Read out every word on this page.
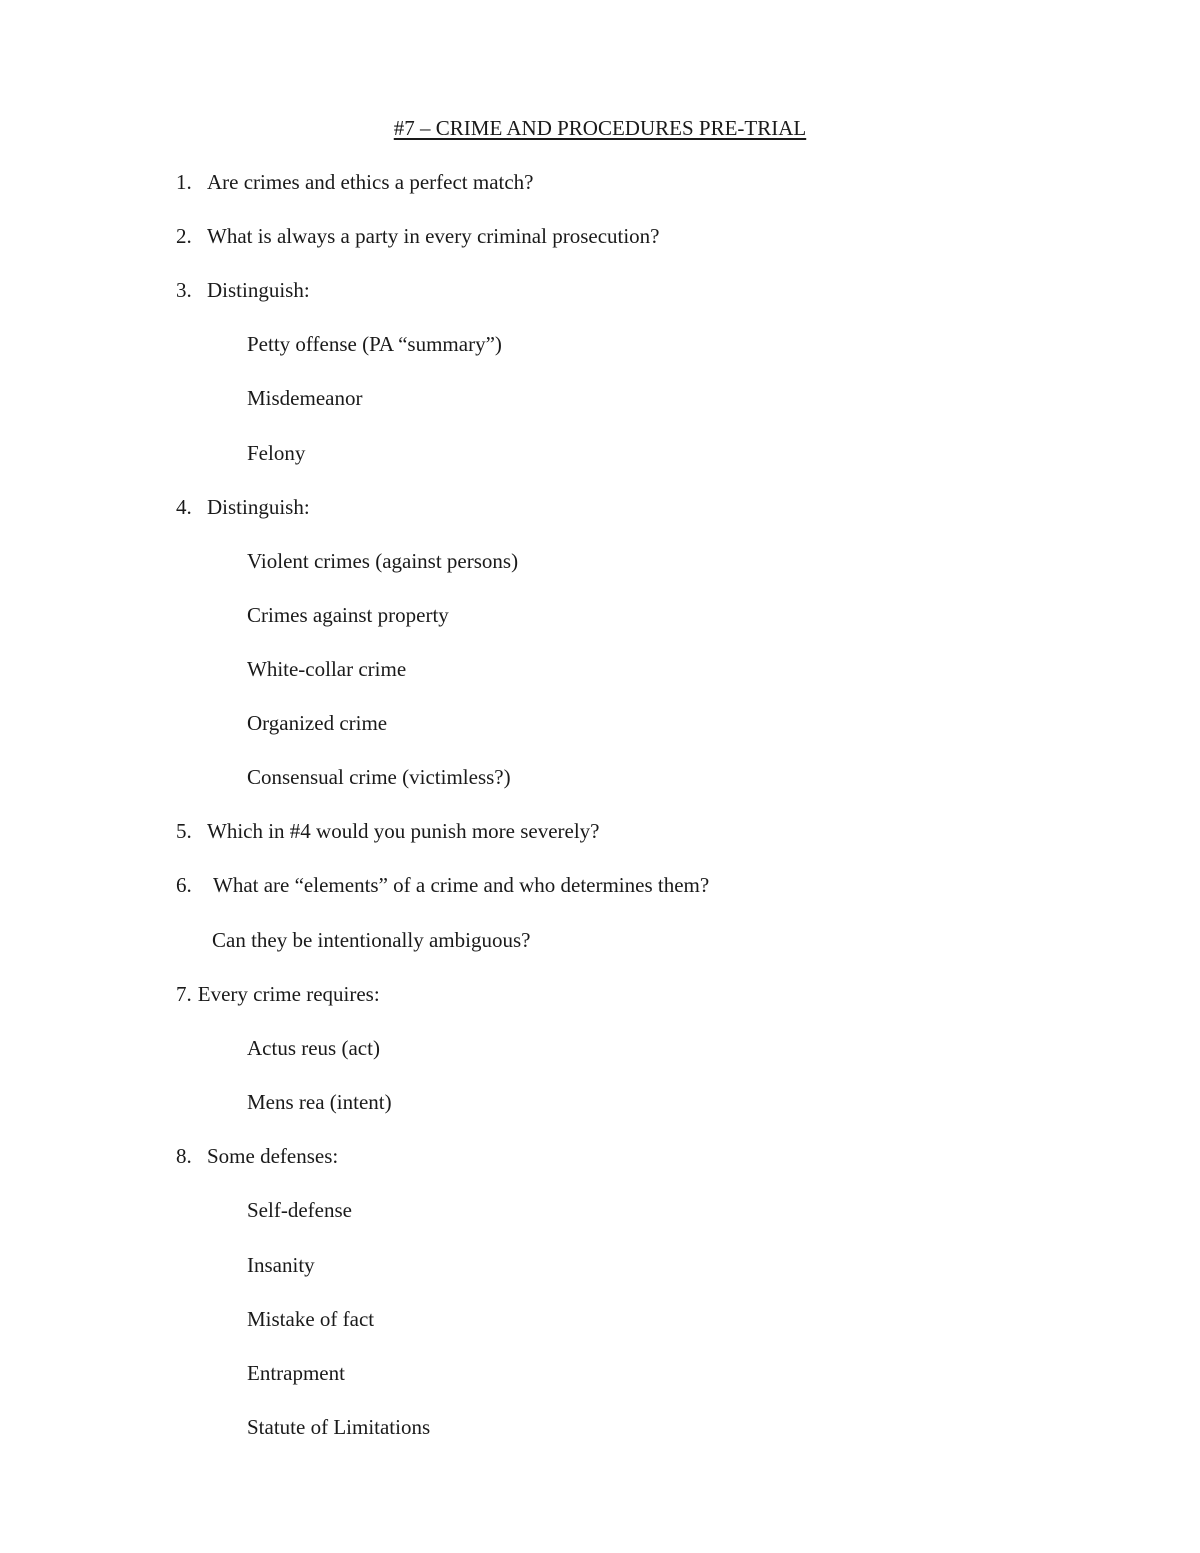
#7 – CRIME AND PROCEDURES PRE-TRIAL

1. Are crimes and ethics a perfect match?

2. What is always a party in every criminal prosecution?

3. Distinguish:

Petty offense (PA “summary”)

Misdemeanor

Felony

4. Distinguish:

Violent crimes (against persons)

Crimes against property

White-collar crime

Organized crime

Consensual crime (victimless?)

5. Which in #4 would you punish more severely?

6. What are “elements” of a crime and who determines them?

Can they be intentionally ambiguous?

7. Every crime requires:

Actus reus (act)

Mens rea (intent)

8. Some defenses:

Self-defense

Insanity

Mistake of fact

Entrapment

Statute of Limitations
